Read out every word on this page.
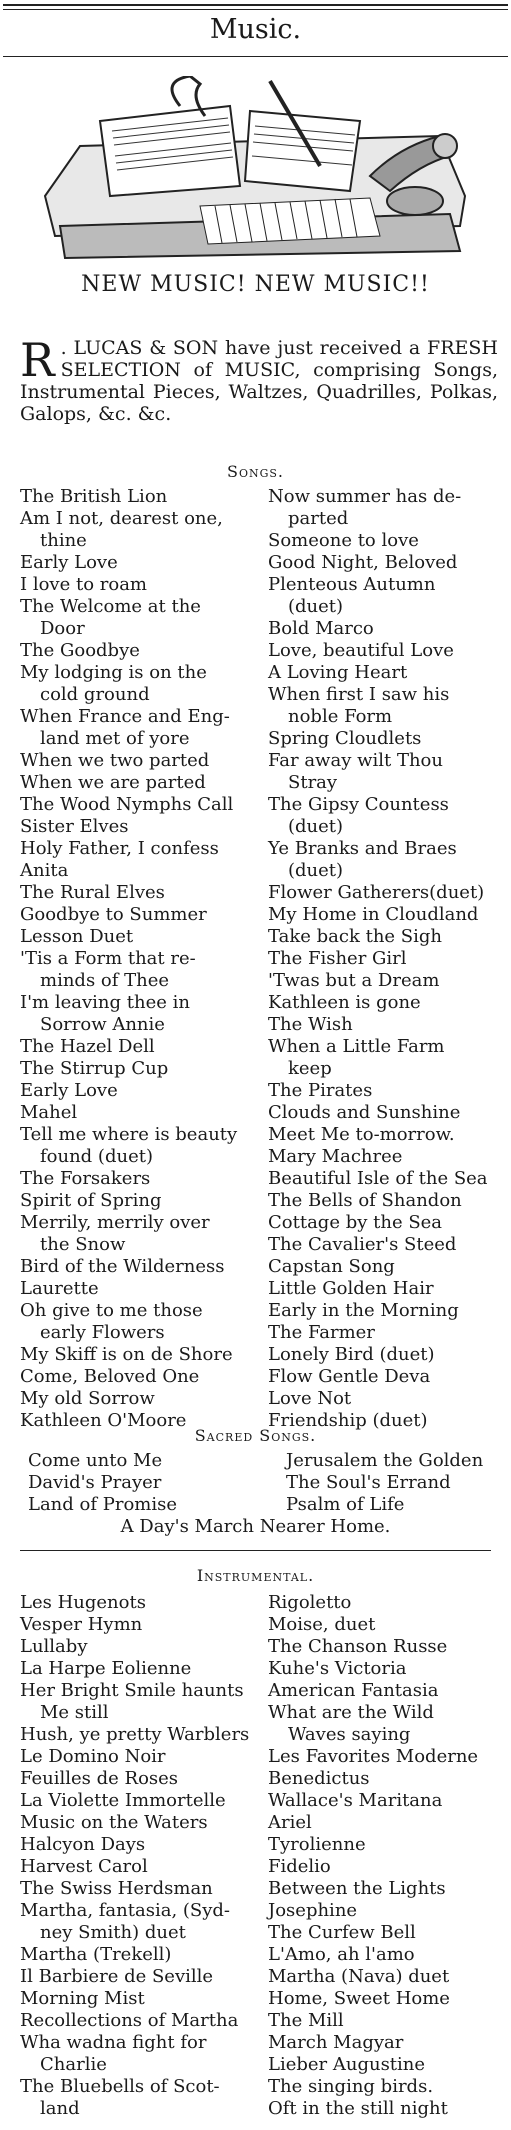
Music.
NEW MUSIC! NEW MUSIC!!
R . LUCAS & SON have just received a FRESH SELECTION of MUSIC, comprising Songs, Instrumental Pieces, Waltzes, Quadrilles, Polkas, Galops, &c. &c.
Songs.
The British Lion
Am I not, dearest one,
thine
Early Love
I love to roam
The Welcome at the
Door
The Goodbye
My lodging is on the
cold ground
When France and Eng-
land met of yore
When we two parted
When we are parted
The Wood Nymphs Call
Sister Elves
Holy Father, I confess
Anita
The Rural Elves
Goodbye to Summer
Lesson Duet
'Tis a Form that re-
minds of Thee
I'm leaving thee in
Sorrow Annie
The Hazel Dell
The Stirrup Cup
Early Love
Mahel
Tell me where is beauty
found (duet)
The Forsakers
Spirit of Spring
Merrily, merrily over
the Snow
Bird of the Wilderness
Laurette
Oh give to me those
early Flowers
My Skiff is on de Shore
Come, Beloved One
My old Sorrow
Kathleen O'Moore
Now summer has de-
parted
Someone to love
Good Night, Beloved
Plenteous Autumn
(duet)
Bold Marco
Love, beautiful Love
A Loving Heart
When first I saw his
noble Form
Spring Cloudlets
Far away wilt Thou
Stray
The Gipsy Countess
(duet)
Ye Branks and Braes
(duet)
Flower Gatherers(duet)
My Home in Cloudland
Take back the Sigh
The Fisher Girl
'Twas but a Dream
Kathleen is gone
The Wish
When a Little Farm
keep
The Pirates
Clouds and Sunshine
Meet Me to-morrow.
Mary Machree
Beautiful Isle of the Sea
The Bells of Shandon
Cottage by the Sea
The Cavalier's Steed
Capstan Song
Little Golden Hair
Early in the Morning
The Farmer
Lonely Bird (duet)
Flow Gentle Deva
Love Not
Friendship (duet)
Sacred Songs.
Come unto Me
David's Prayer
Land of Promise
Jerusalem the Golden
The Soul's Errand
Psalm of Life
A Day's March Nearer Home.
Instrumental.
Les Hugenots
Vesper Hymn
Lullaby
La Harpe Eolienne
Her Bright Smile haunts
Me still
Hush, ye pretty Warblers
Le Domino Noir
Feuilles de Roses
La Violette Immortelle
Music on the Waters
Halcyon Days
Harvest Carol
The Swiss Herdsman
Martha, fantasia, (Syd-
ney Smith) duet
Martha (Trekell)
Il Barbiere de Seville
Morning Mist
Recollections of Martha
Wha wadna fight for
Charlie
The Bluebells of Scot-
land
Rigoletto
Moise, duet
The Chanson Russe
Kuhe's Victoria
American Fantasia
What are the Wild
Waves saying
Les Favorites Moderne
Benedictus
Wallace's Maritana
Ariel
Tyrolienne
Fidelio
Between the Lights
Josephine
The Curfew Bell
L'Amo, ah l'amo
Martha (Nava) duet
Home, Sweet Home
The Mill
March Magyar
Lieber Augustine
The singing birds.
Oft in the still night
